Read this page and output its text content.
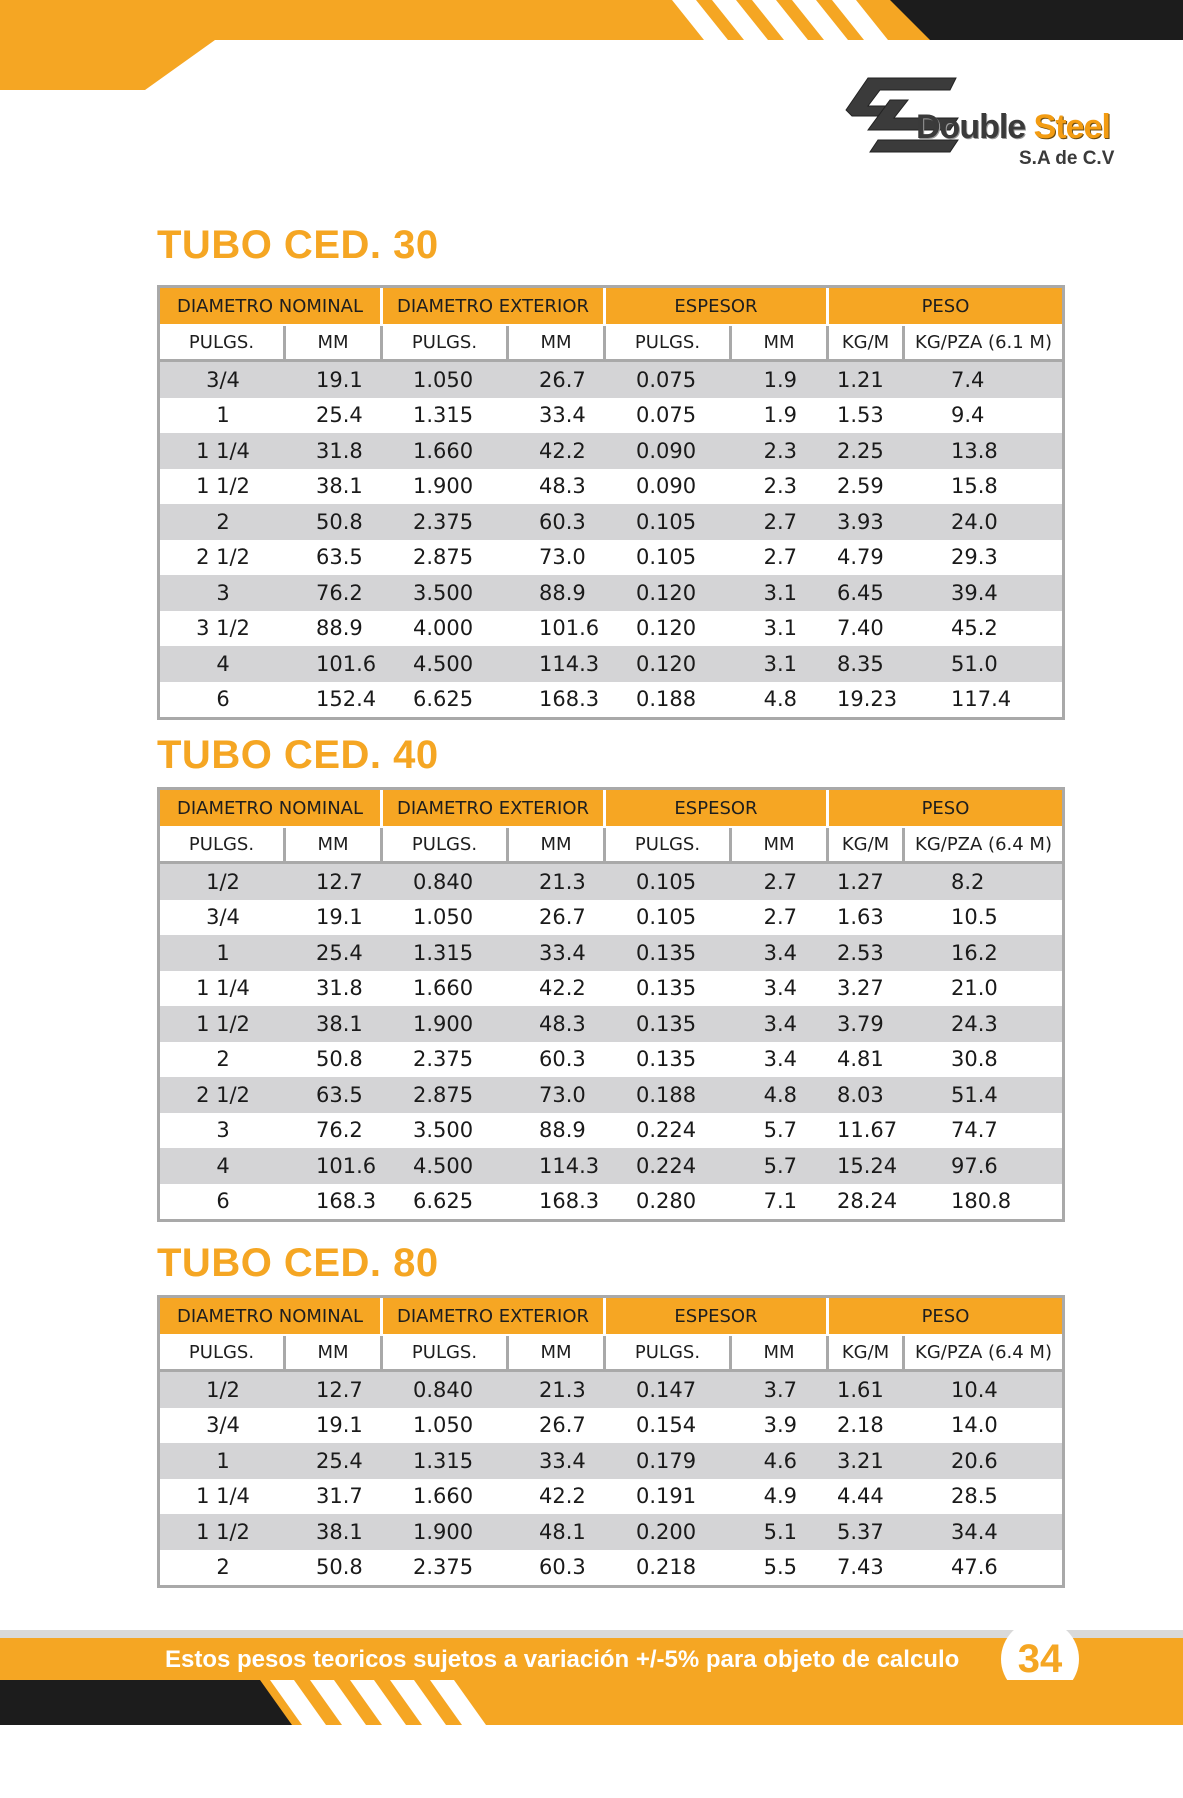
Double Steel
S.A de C.V
TUBO CED. 30
DIAMETRO NOMINAL	DIAMETRO EXTERIOR	ESPESOR	PESO
PULGS.	MM	PULGS.	MM	PULGS.	MM	KG/M	KG/PZA (6.1 M)
3/4	19.1	1.050	26.7	0.075	1.9	1.21	7.4
1	25.4	1.315	33.4	0.075	1.9	1.53	9.4
1 1/4	31.8	1.660	42.2	0.090	2.3	2.25	13.8
1 1/2	38.1	1.900	48.3	0.090	2.3	2.59	15.8
2	50.8	2.375	60.3	0.105	2.7	3.93	24.0
2 1/2	63.5	2.875	73.0	0.105	2.7	4.79	29.3
3	76.2	3.500	88.9	0.120	3.1	6.45	39.4
3 1/2	88.9	4.000	101.6	0.120	3.1	7.40	45.2
4	101.6	4.500	114.3	0.120	3.1	8.35	51.0
6	152.4	6.625	168.3	0.188	4.8	19.23	117.4
TUBO CED. 40
DIAMETRO NOMINAL	DIAMETRO EXTERIOR	ESPESOR	PESO
PULGS.	MM	PULGS.	MM	PULGS.	MM	KG/M	KG/PZA (6.4 M)
1/2	12.7	0.840	21.3	0.105	2.7	1.27	8.2
3/4	19.1	1.050	26.7	0.105	2.7	1.63	10.5
1	25.4	1.315	33.4	0.135	3.4	2.53	16.2
1 1/4	31.8	1.660	42.2	0.135	3.4	3.27	21.0
1 1/2	38.1	1.900	48.3	0.135	3.4	3.79	24.3
2	50.8	2.375	60.3	0.135	3.4	4.81	30.8
2 1/2	63.5	2.875	73.0	0.188	4.8	8.03	51.4
3	76.2	3.500	88.9	0.224	5.7	11.67	74.7
4	101.6	4.500	114.3	0.224	5.7	15.24	97.6
6	168.3	6.625	168.3	0.280	7.1	28.24	180.8
TUBO CED. 80
DIAMETRO NOMINAL	DIAMETRO EXTERIOR	ESPESOR	PESO
PULGS.	MM	PULGS.	MM	PULGS.	MM	KG/M	KG/PZA (6.4 M)
1/2	12.7	0.840	21.3	0.147	3.7	1.61	10.4
3/4	19.1	1.050	26.7	0.154	3.9	2.18	14.0
1	25.4	1.315	33.4	0.179	4.6	3.21	20.6
1 1/4	31.7	1.660	42.2	0.191	4.9	4.44	28.5
1 1/2	38.1	1.900	48.1	0.200	5.1	5.37	34.4
2	50.8	2.375	60.3	0.218	5.5	7.43	47.6
Estos pesos teoricos sujetos a variación +/-5% para objeto de calculo	34
